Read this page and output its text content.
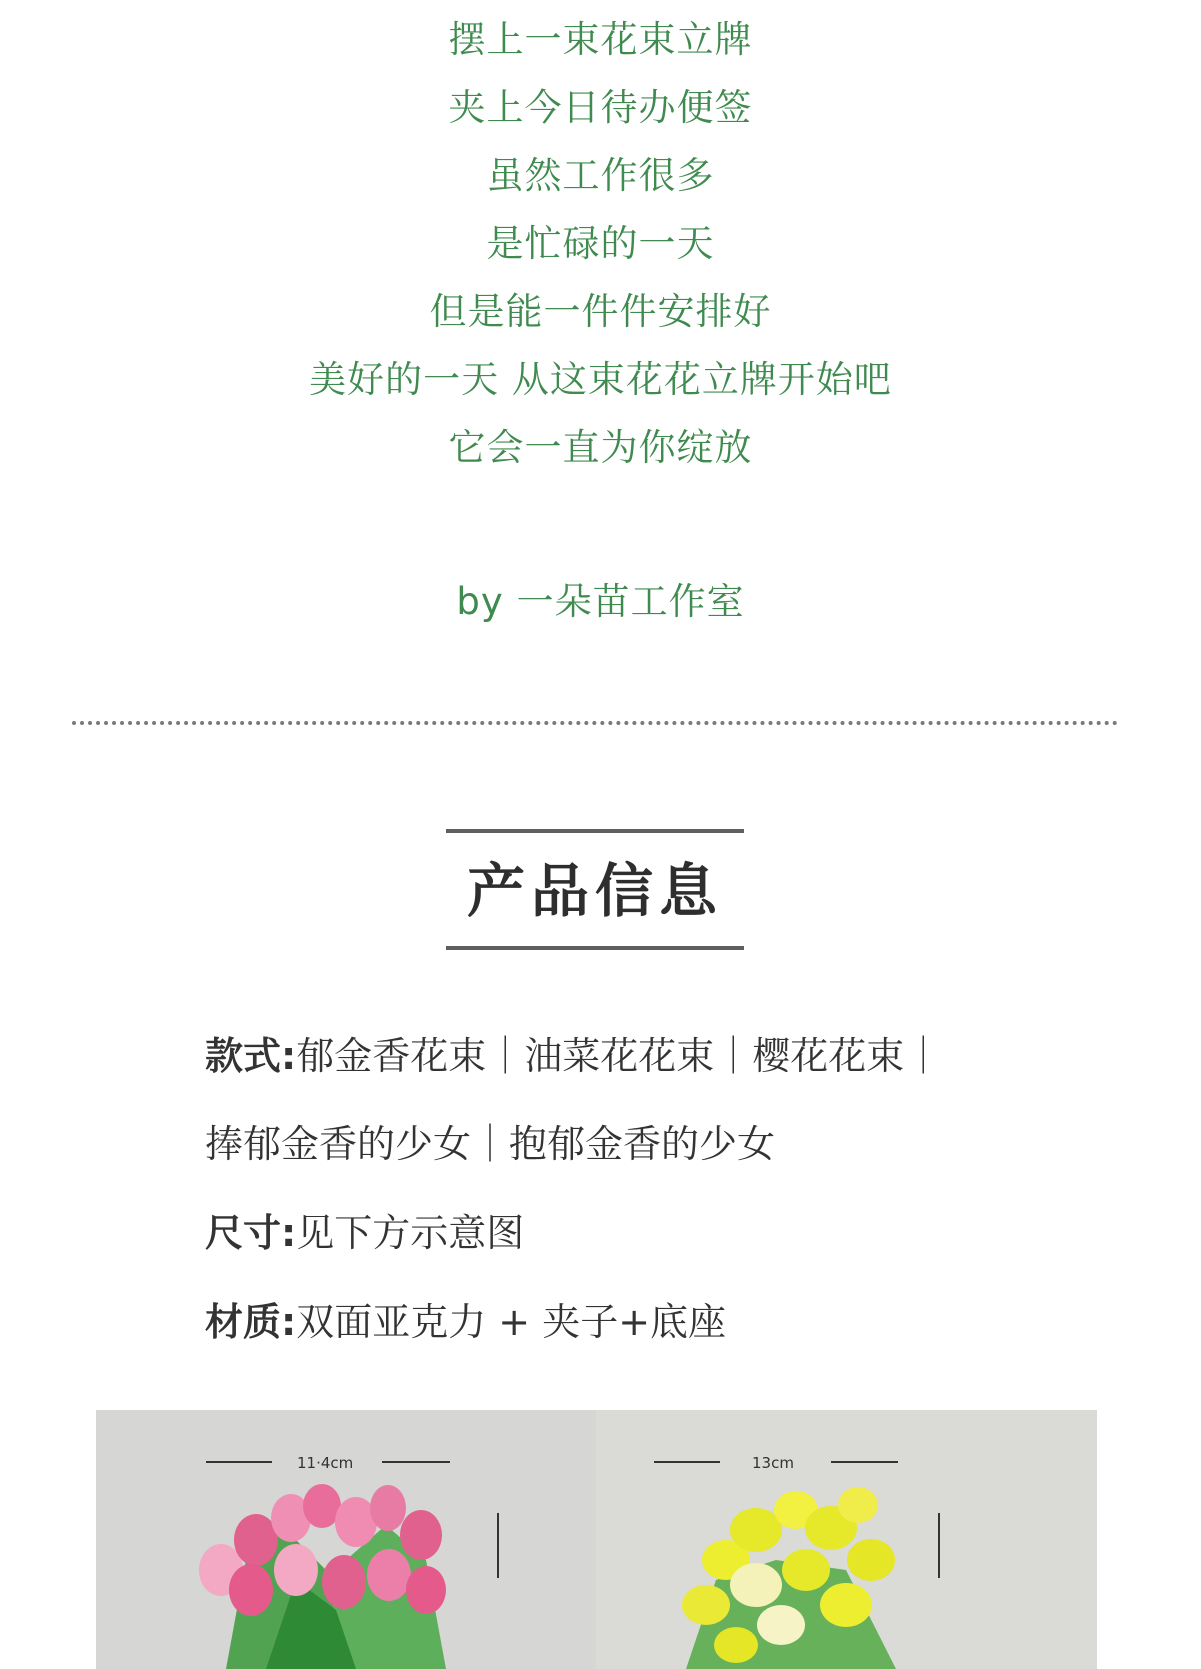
摆上一束花束立牌
夹上今日待办便签
虽然工作很多
是忙碌的一天
但是能一件件安排好
美好的一天 从这束花花立牌开始吧
它会一直为你绽放
by 一朵苗工作室
产品信息
款式:郁金香花束｜油菜花花束｜樱花花束｜
捧郁金香的少女｜抱郁金香的少女
尺寸:见下方示意图
材质:双面亚克力 + 夹子+底座
11·4cm	13cm
